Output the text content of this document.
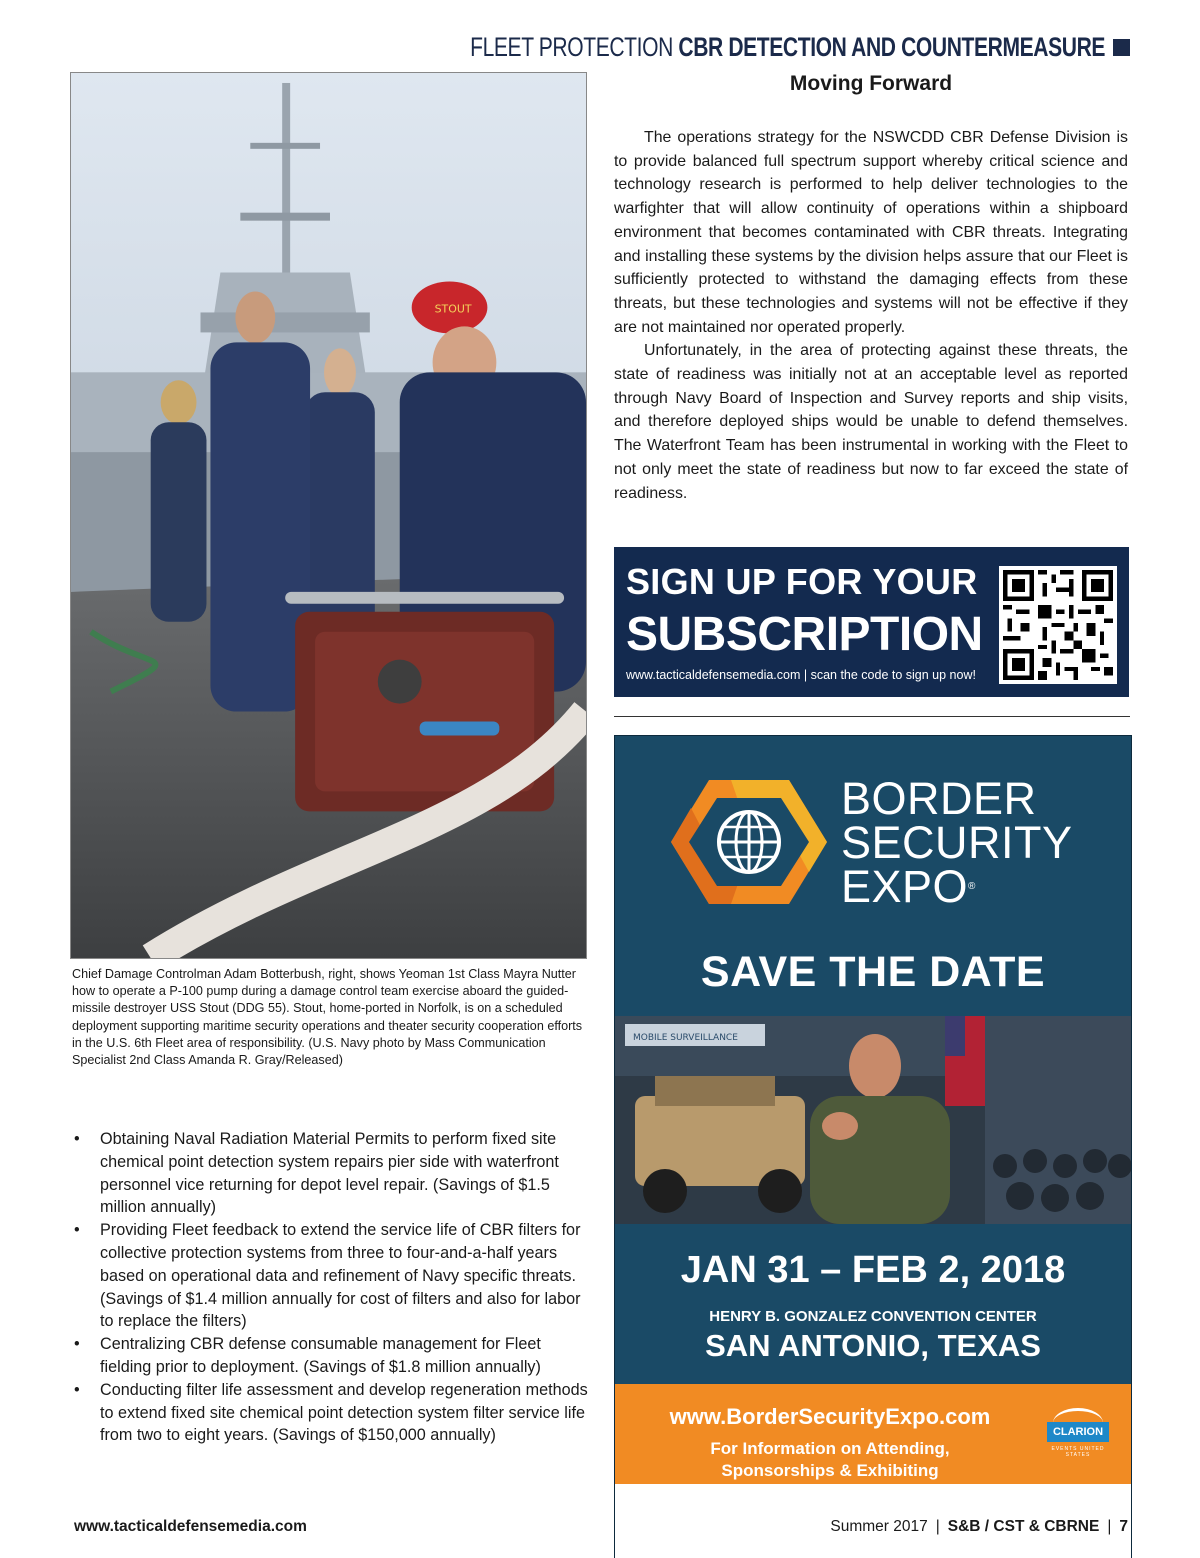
FLEET PROTECTION CBR DETECTION AND COUNTERMEASURE
STOUT
Chief Damage Controlman Adam Botterbush, right, shows Yeoman 1st Class Mayra Nutter how to operate a P-100 pump during a damage control team exercise aboard the guided-missile destroyer USS Stout (DDG 55). Stout, home-ported in Norfolk, is on a scheduled deployment supporting maritime security operations and theater security cooperation efforts in the U.S. 6th Fleet area of responsibility. (U.S. Navy photo by Mass Communication Specialist 2nd Class Amanda R. Gray/Released)
• Obtaining Naval Radiation Material Permits to perform fixed site chemical point detection system repairs pier side with waterfront personnel vice returning for depot level repair. (Savings of $1.5 million annually)
• Providing Fleet feedback to extend the service life of CBR filters for collective protection systems from three to four-and-a-half years based on operational data and refinement of Navy specific threats. (Savings of $1.4 million annually for cost of filters and also for labor to replace the filters)
• Centralizing CBR defense consumable management for Fleet fielding prior to deployment. (Savings of $1.8 million annually)
• Conducting filter life assessment and develop regeneration methods to extend fixed site chemical point detection system filter service life from two to eight years. (Savings of $150,000 annually)
Moving Forward

The operations strategy for the NSWCDD CBR Defense Division is to provide balanced full spectrum support whereby critical science and technology research is performed to help deliver technologies to the warfighter that will allow continuity of operations within a shipboard environment that becomes contaminated with CBR threats. Integrating and installing these systems by the division helps assure that our Fleet is sufficiently protected to withstand the damaging effects from these threats, but these technologies and systems will not be effective if they are not maintained nor operated properly.

Unfortunately, in the area of protecting against these threats, the state of readiness was initially not at an acceptable level as reported through Navy Board of Inspection and Survey reports and ship visits, and therefore deployed ships would be unable to defend themselves. The Waterfront Team has been instrumental in working with the Fleet to not only meet the state of readiness but now to far exceed the state of readiness.

SIGN UP FOR YOUR
SUBSCRIPTION
www.tacticaldefensemedia.com | scan the code to sign up now!
BORDER
SECURITY
EXPO®
SAVE THE DATE
MOBILE SURVEILLANCE
JAN 31 – FEB 2, 2018
HENRY B. GONZALEZ CONVENTION CENTER
SAN ANTONIO, TEXAS
www.BorderSecurityExpo.com
For Information on Attending,
Sponsorships & Exhibiting
CLARION
EVENTS UNITED STATES
www.tacticaldefensemedia.com	Summer 2017 | S&B / CST & CBRNE | 7
